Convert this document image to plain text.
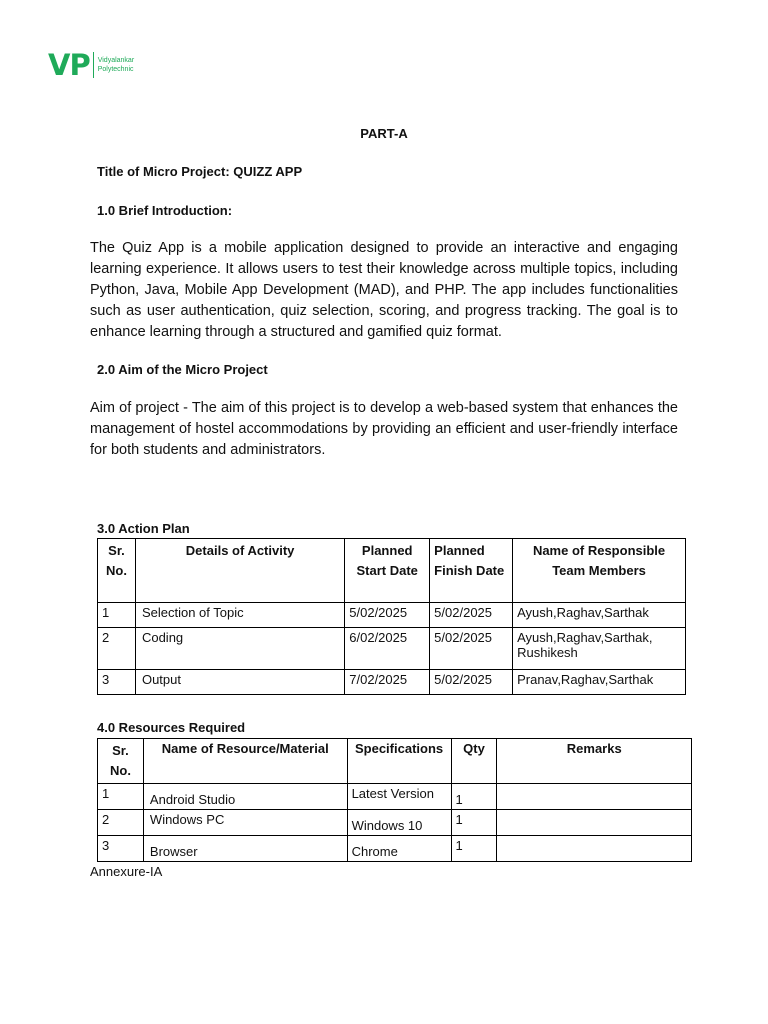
VP Vidyalankar
Polytechnic
PART-A
Title of Micro Project: QUIZZ APP
1.0 Brief Introduction:

The Quiz App is a mobile application designed to provide an interactive and engaging learning experience. It allows users to test their knowledge across multiple topics, including Python, Java, Mobile App Development (MAD), and PHP. The app includes functionalities such as user authentication, quiz selection, scoring, and progress tracking. The goal is to enhance learning through a structured and gamified quiz format.

2.0 Aim of the Micro Project

Aim of project - The aim of this project is to develop a web-based system that enhances the management of hostel accommodations by providing an efficient and user-friendly interface for both students and administrators.

3.0 Action Plan
Sr. No.	Details of Activity	Planned Start Date	Planned Finish Date	Name of Responsible Team Members
1	Selection of Topic	5/02/2025	5/02/2025	Ayush,Raghav,Sarthak
2	Coding	6/02/2025	5/02/2025	Ayush,Raghav,Sarthak, Rushikesh
3	Output	7/02/2025	5/02/2025	Pranav,Raghav,Sarthak
4.0 Resources Required
Sr. No.	Name of Resource/Material	Specifications	Qty	Remarks
1	Android Studio	Latest Version	1	
2	Windows PC	Windows 10	1	
3	Browser	Chrome	1	
Annexure-IA
